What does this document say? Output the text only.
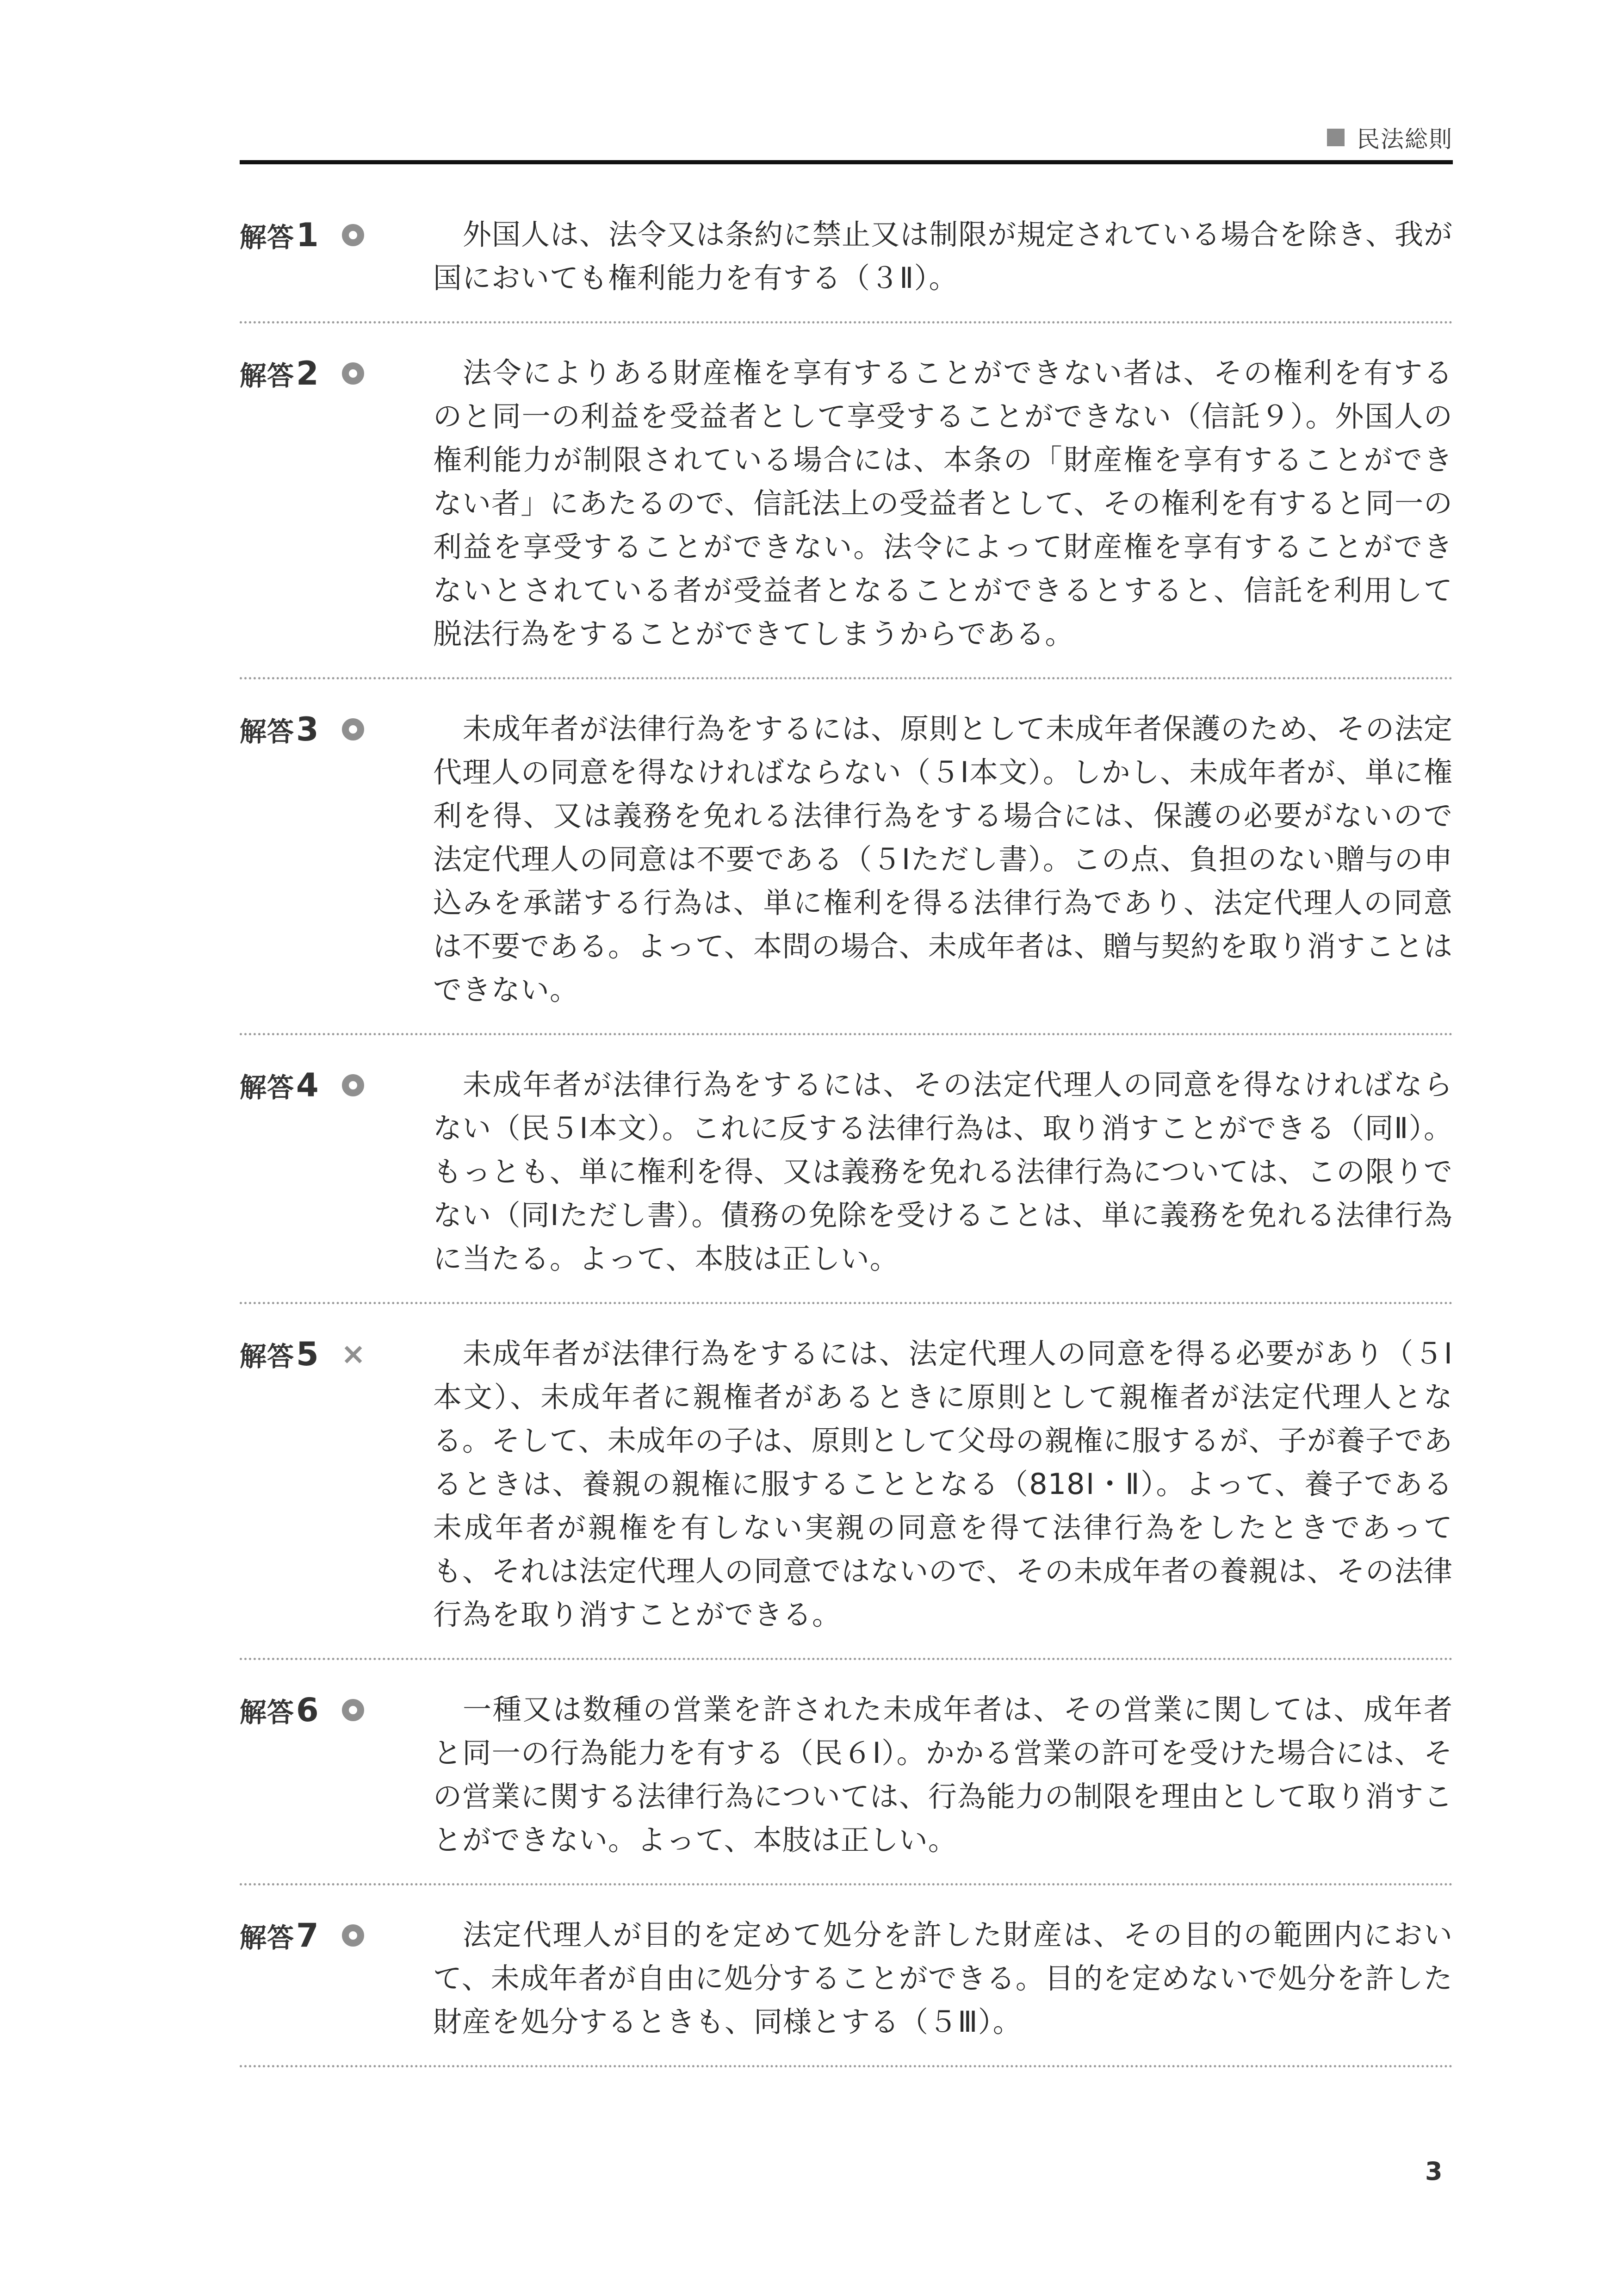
民法総則
解答 1	外国人は、法令又は条約に禁止又は制限が規定されている場合を除き、我が国においても権利能力を有する（３Ⅱ）。
解答 2	法令によりある財産権を享有することができない者は、その権利を有するのと同一の利益を受益者として享受することができない（信託９）。外国人の権利能力が制限されている場合には、本条の「財産権を享有することができない者」にあたるので、信託法上の受益者として、その権利を有すると同一の利益を享受することができない。法令によって財産権を享有することができないとされている者が受益者となることができるとすると、信託を利用して脱法行為をすることができてしまうからである。
解答 3	未成年者が法律行為をするには、原則として未成年者保護のため、その法定代理人の同意を得なければならない（５Ⅰ本文）。しかし、未成年者が、単に権利を得、又は義務を免れる法律行為をする場合には、保護の必要がないので法定代理人の同意は不要である（５Ⅰただし書）。この点、負担のない贈与の申込みを承諾する行為は、単に権利を得る法律行為であり、法定代理人の同意は不要である。よって、本問の場合、未成年者は、贈与契約を取り消すことはできない。
解答 4	未成年者が法律行為をするには、その法定代理人の同意を得なければならない（民５Ⅰ本文）。これに反する法律行為は、取り消すことができる（同Ⅱ）。もっとも、単に権利を得、又は義務を免れる法律行為については、この限りでない（同Ⅰただし書）。債務の免除を受けることは、単に義務を免れる法律行為に当たる。よって、本肢は正しい。
解答 5 ×	未成年者が法律行為をするには、法定代理人の同意を得る必要があり（５Ⅰ本文）、未成年者に親権者があるときに原則として親権者が法定代理人となる。そして、未成年の子は、原則として父母の親権に服するが、子が養子であるときは、養親の親権に服することとなる（818Ⅰ・Ⅱ）。よって、養子である未成年者が親権を有しない実親の同意を得て法律行為をしたときであっても、それは法定代理人の同意ではないので、その未成年者の養親は、その法律行為を取り消すことができる。
解答 6	一種又は数種の営業を許された未成年者は、その営業に関しては、成年者と同一の行為能力を有する（民６Ⅰ）。かかる営業の許可を受けた場合には、その営業に関する法律行為については、行為能力の制限を理由として取り消すことができない。よって、本肢は正しい。
解答 7	法定代理人が目的を定めて処分を許した財産は、その目的の範囲内において、未成年者が自由に処分することができる。目的を定めないで処分を許した財産を処分するときも、同様とする（５Ⅲ）。
3
